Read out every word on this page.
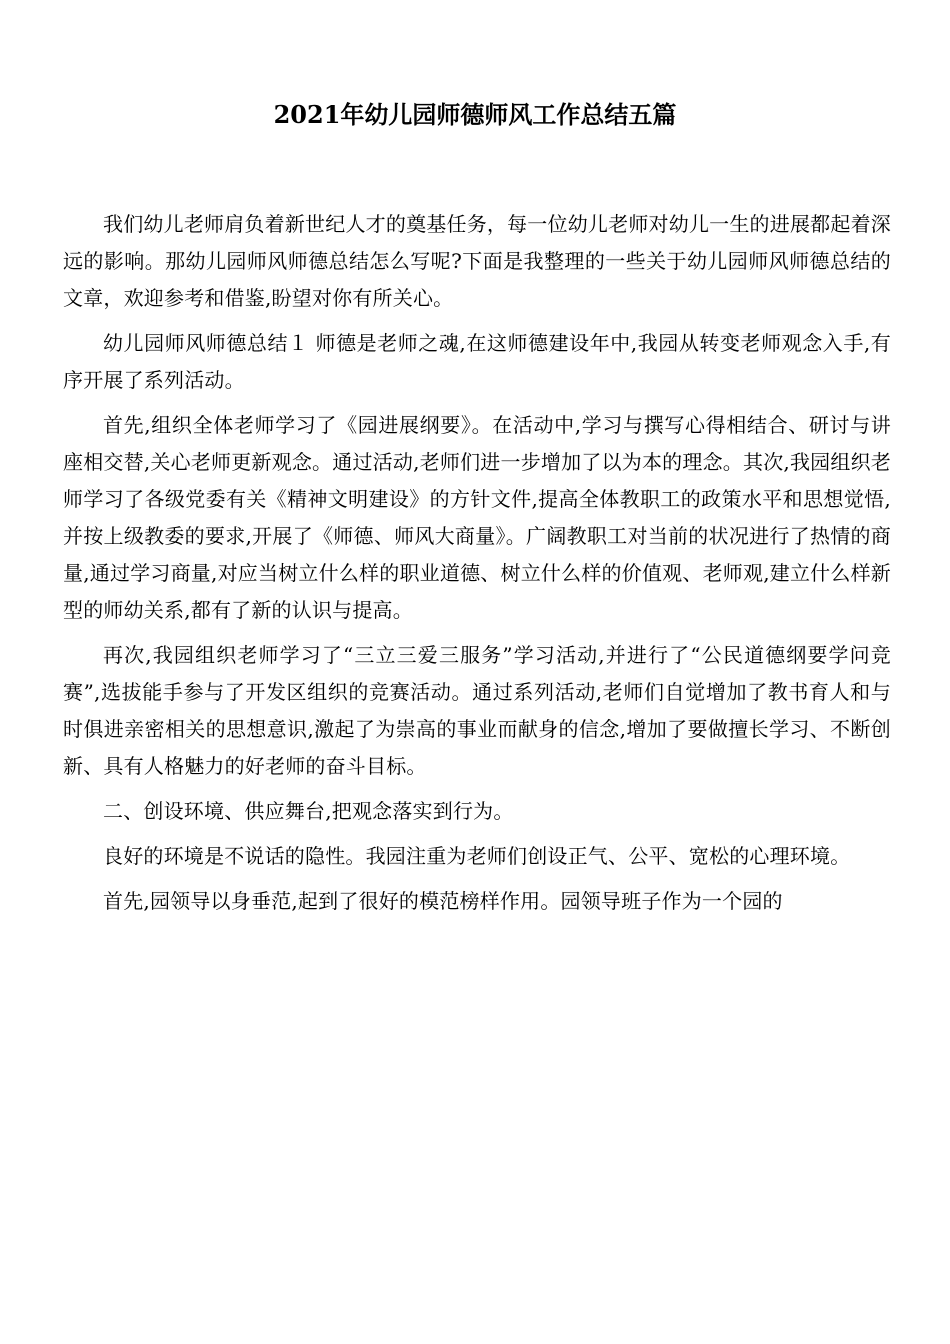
2021年幼儿园师德师风工作总结五篇

我们幼儿老师肩负着新世纪人才的奠基任务，每一位幼儿老师对幼儿一生的进展都起着深远的影响。那幼儿园师风师德总结怎么写呢?下面是我整理的一些关于幼儿园师风师德总结的文章，欢迎参考和借鉴,盼望对你有所关心。

幼儿园师风师德总结１ 师德是老师之魂,在这师德建设年中,我园从转变老师观念入手,有序开展了系列活动。

首先,组织全体老师学习了《园进展纲要》。在活动中,学习与撰写心得相结合、研讨与讲座相交替,关心老师更新观念。通过活动,老师们进一步增加了以为本的理念。其次,我园组织老师学习了各级党委有关《精神文明建设》的方针文件,提高全体教职工的政策水平和思想觉悟,并按上级教委的要求,开展了《师德、师风大商量》。广阔教职工对当前的状况进行了热情的商量,通过学习商量,对应当树立什么样的职业道德、树立什么样的价值观、老师观,建立什么样新型的师幼关系,都有了新的认识与提高。

再次,我园组织老师学习了“三立三爱三服务”学习活动,并进行了“公民道德纲要学问竞赛”,选拔能手参与了开发区组织的竞赛活动。通过系列活动,老师们自觉增加了教书育人和与时俱进亲密相关的思想意识,激起了为崇高的事业而献身的信念,增加了要做擅长学习、不断创新、具有人格魅力的好老师的奋斗目标。

二、创设环境、供应舞台,把观念落实到行为。

良好的环境是不说话的隐性。我园注重为老师们创设正气、公平、宽松的心理环境。

首先,园领导以身垂范,起到了很好的模范榜样作用。园领导班子作为一个园的
